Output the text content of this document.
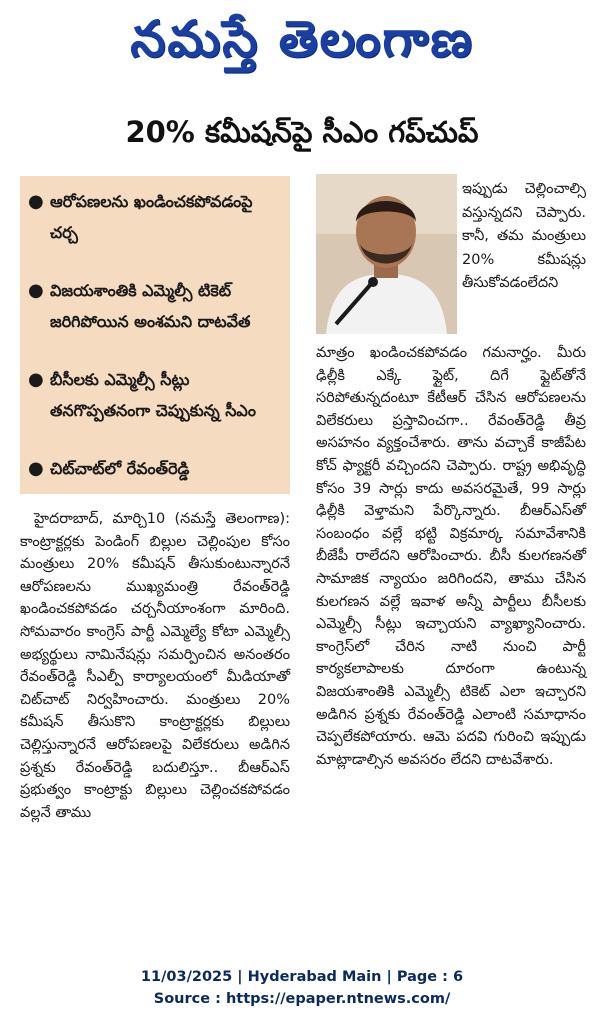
నమస్తే తెలంగాణ
20% కమీషన్‌పై సీఎం గప్‌చుప్
● ఆరోపణలను ఖండించకపోవడంపై చర్చ
● విజయశాంతికి ఎమ్మెల్సీ టికెట్ జరిగిపోయిన అంశమని దాటవేత
● బీసీలకు ఎమ్మెల్సీ సీట్లు తనగొప్పతనంగా చెప్పుకున్న సీఎం
● చిట్‌చాట్‌లో రేవంత్‌రెడ్డి
ఇప్పుడు చెల్లించాల్సి వస్తున్నదని చెప్పారు. కానీ, తమ మంత్రులు 20% కమీషన్లు తీసుకోవడంలేదని
మాత్రం ఖండించకపోవడం గమనార్హం. మీరు ఢిల్లీకి ఎక్కే ఫ్లైట్, దిగే ఫ్లైట్‌తోనే సరిపోతున్నదంటూ కేటీఆర్ చేసిన ఆరోపణలను విలేకరులు ప్రస్తావించగా.. రేవంత్‌రెడ్డి తీవ్ర అసహనం వ్యక్తంచేశారు. తాను వచ్చాకే కాజీపేట కోచ్ ఫ్యాక్టరీ వచ్చిందని చెప్పారు. రాష్ట్ర అభివృద్ధి కోసం 39 సార్లు కాదు అవసరమైతే, 99 సార్లు ఢిల్లీకి వెళ్తామని పేర్కొన్నారు. బీఆర్ఎస్‌తో సంబంధం వల్లే భట్టి విక్రమార్క సమావేశానికి బీజేపీ రాలేదని ఆరోపించారు. బీసీ కులగణనతో సామాజిక న్యాయం జరిగిందని, తాము చేసిన కులగణన వల్లే ఇవాళ అన్నీ పార్టీలు బీసీలకు ఎమ్మెల్సీ సీట్లు ఇచ్చాయని వ్యాఖ్యానించారు. కాంగ్రెస్‌లో చేరిన నాటి నుంచి పార్టీ కార్యకలాపాలకు దూరంగా ఉంటున్న విజయశాంతికి ఎమ్మెల్సీ టికెట్ ఎలా ఇచ్చారని అడిగిన ప్రశ్నకు రేవంత్‌రెడ్డి ఎలాంటి సమాధానం చెప్పలేకపోయారు. ఆమె పదవి గురించి ఇప్పుడు మాట్లాడాల్సిన అవసరం లేదని దాటవేశారు.
హైదరాబాద్, మార్చి10 (నమస్తే తెలంగాణ): కాంట్రాక్టర్లకు పెండింగ్ బిల్లుల చెల్లింపుల కోసం మంత్రులు 20% కమీషన్ తీసుకుంటున్నారనే ఆరోపణలను ముఖ్యమంత్రి రేవంత్‌రెడ్డి ఖండించకపోవడం చర్చనీయాంశంగా మారింది. సోమవారం కాంగ్రెస్ పార్టీ ఎమ్మెల్యే కోటా ఎమ్మెల్సీ అభ్యర్థులు నామినేషన్లు సమర్పించిన అనంతరం రేవంత్‌రెడ్డి సీఎల్పీ కార్యాలయంలో మీడియాతో చిట్‌చాట్ నిర్వహించారు. మంత్రులు 20% కమీషన్ తీసుకొని కాంట్రాక్టర్లకు బిల్లులు చెల్లిస్తున్నారనే ఆరోపణలపై విలేకరులు అడిగిన ప్రశ్నకు రేవంత్‌రెడ్డి బదులిస్తూ.. బీఆర్ఎస్ ప్రభుత్వం కాంట్రాక్టు బిల్లులు చెల్లించకపోవడం వల్లనే తాము
11/03/2025 | Hyderabad Main | Page : 6
Source : https://epaper.ntnews.com/
